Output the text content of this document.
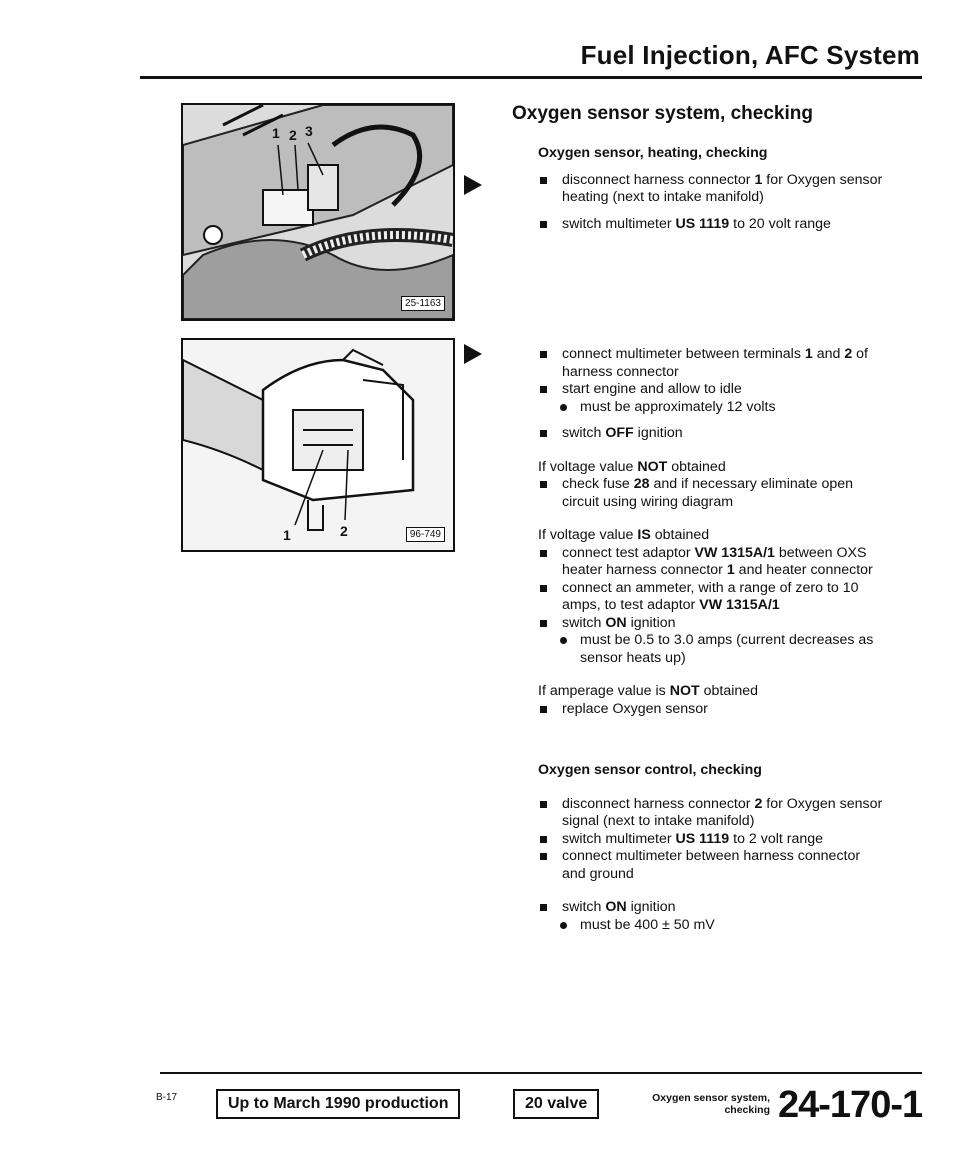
Fuel Injection, AFC System
1 2 3
25-1163
1	2	96-749
Oxygen sensor system, checking
Oxygen sensor, heating, checking
disconnect harness connector 1 for Oxygen sensor heating (next to intake manifold)
switch multimeter US 1119 to 20 volt range
connect multimeter between terminals 1 and 2 of harness connector
start engine and allow to idle
must be approximately 12 volts
switch OFF ignition
If voltage value NOT obtained
check fuse 28 and if necessary eliminate open circuit using wiring diagram
If voltage value IS obtained
connect test adaptor VW 1315A/1 between OXS heater harness connector 1 and heater connector
connect an ammeter, with a range of zero to 10 amps, to test adaptor VW 1315A/1
switch ON ignition
must be 0.5 to 3.0 amps (current decreases as sensor heats up)
If amperage value is NOT obtained
replace Oxygen sensor
Oxygen sensor control, checking
disconnect harness connector 2 for Oxygen sensor signal (next to intake manifold)
switch multimeter US 1119 to 2 volt range
connect multimeter between harness connector and ground
switch ON ignition
must be 400 ± 50 mV
B-17	Up to March 1990 production	20 valve	Oxygen sensor system,
checking 24-170-1
